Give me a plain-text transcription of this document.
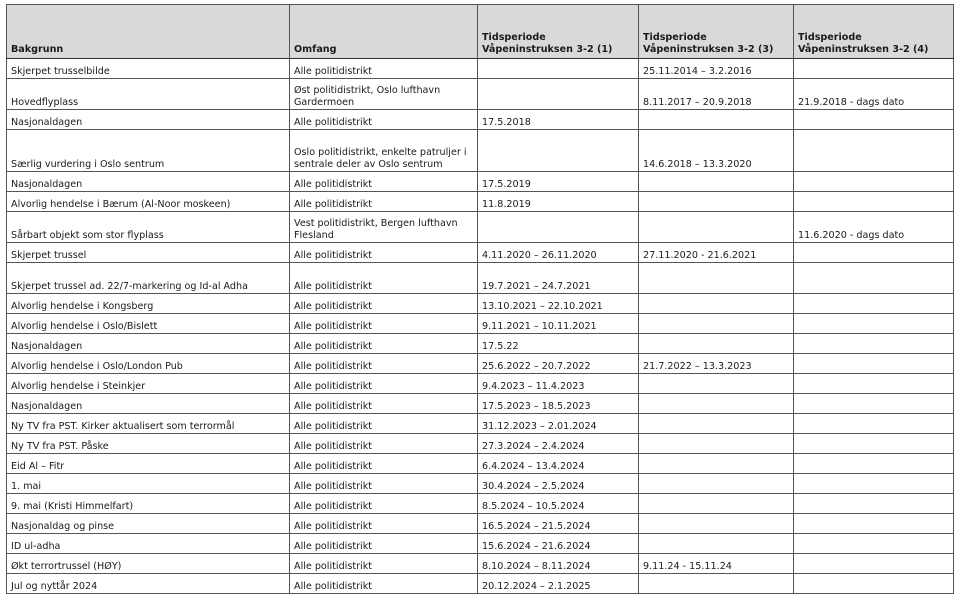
Bakgrunn	Omfang	Tidsperiode Våpeninstruksen 3-2 (1)	Tidsperiode Våpeninstruksen 3-2 (3)	Tidsperiode Våpeninstruksen 3-2 (4)
Skjerpet trusselbilde	Alle politidistrikt		25.11.2014 – 3.2.2016	
Hovedflyplass	Øst politidistrikt, Oslo lufthavn Gardermoen		8.11.2017 – 20.9.2018	21.9.2018 - dags dato
Nasjonaldagen	Alle politidistrikt	17.5.2018		
Særlig vurdering i Oslo sentrum	Oslo politidistrikt, enkelte patruljer i sentrale deler av Oslo sentrum		14.6.2018 – 13.3.2020	
Nasjonaldagen	Alle politidistrikt	17.5.2019		
Alvorlig hendelse i Bærum (Al-Noor moskeen)	Alle politidistrikt	11.8.2019		
Sårbart objekt som stor flyplass	Vest politidistrikt, Bergen lufthavn Flesland			11.6.2020 - dags dato
Skjerpet trussel	Alle politidistrikt	4.11.2020 – 26.11.2020	27.11.2020 - 21.6.2021	
Skjerpet trussel ad. 22/7-markering og Id-al Adha	Alle politidistrikt	19.7.2021 – 24.7.2021		
Alvorlig hendelse i Kongsberg	Alle politidistrikt	13.10.2021 – 22.10.2021		
Alvorlig hendelse i Oslo/Bislett	Alle politidistrikt	9.11.2021 – 10.11.2021		
Nasjonaldagen	Alle politidistrikt	17.5.22		
Alvorlig hendelse i Oslo/London Pub	Alle politidistrikt	25.6.2022 – 20.7.2022	21.7.2022 – 13.3.2023	
Alvorlig hendelse i Steinkjer	Alle politidistrikt	9.4.2023 – 11.4.2023		
Nasjonaldagen	Alle politidistrikt	17.5.2023 – 18.5.2023		
Ny TV fra PST. Kirker aktualisert som terrormål	Alle politidistrikt	31.12.2023 – 2.01.2024		
Ny TV fra PST. Påske	Alle politidistrikt	27.3.2024 – 2.4.2024		
Eid Al – Fitr	Alle politidistrikt	6.4.2024 – 13.4.2024		
1. mai	Alle politidistrikt	30.4.2024 – 2.5.2024		
9. mai (Kristi Himmelfart)	Alle politidistrikt	8.5.2024 – 10.5.2024		
Nasjonaldag og pinse	Alle politidistrikt	16.5.2024 – 21.5.2024		
ID ul-adha	Alle politidistrikt	15.6.2024 – 21.6.2024		
Økt terrortrussel (HØY)	Alle politidistrikt	8.10.2024 – 8.11.2024	9.11.24 - 15.11.24	
Jul og nyttår 2024	Alle politidistrikt	20.12.2024 – 2.1.2025		
